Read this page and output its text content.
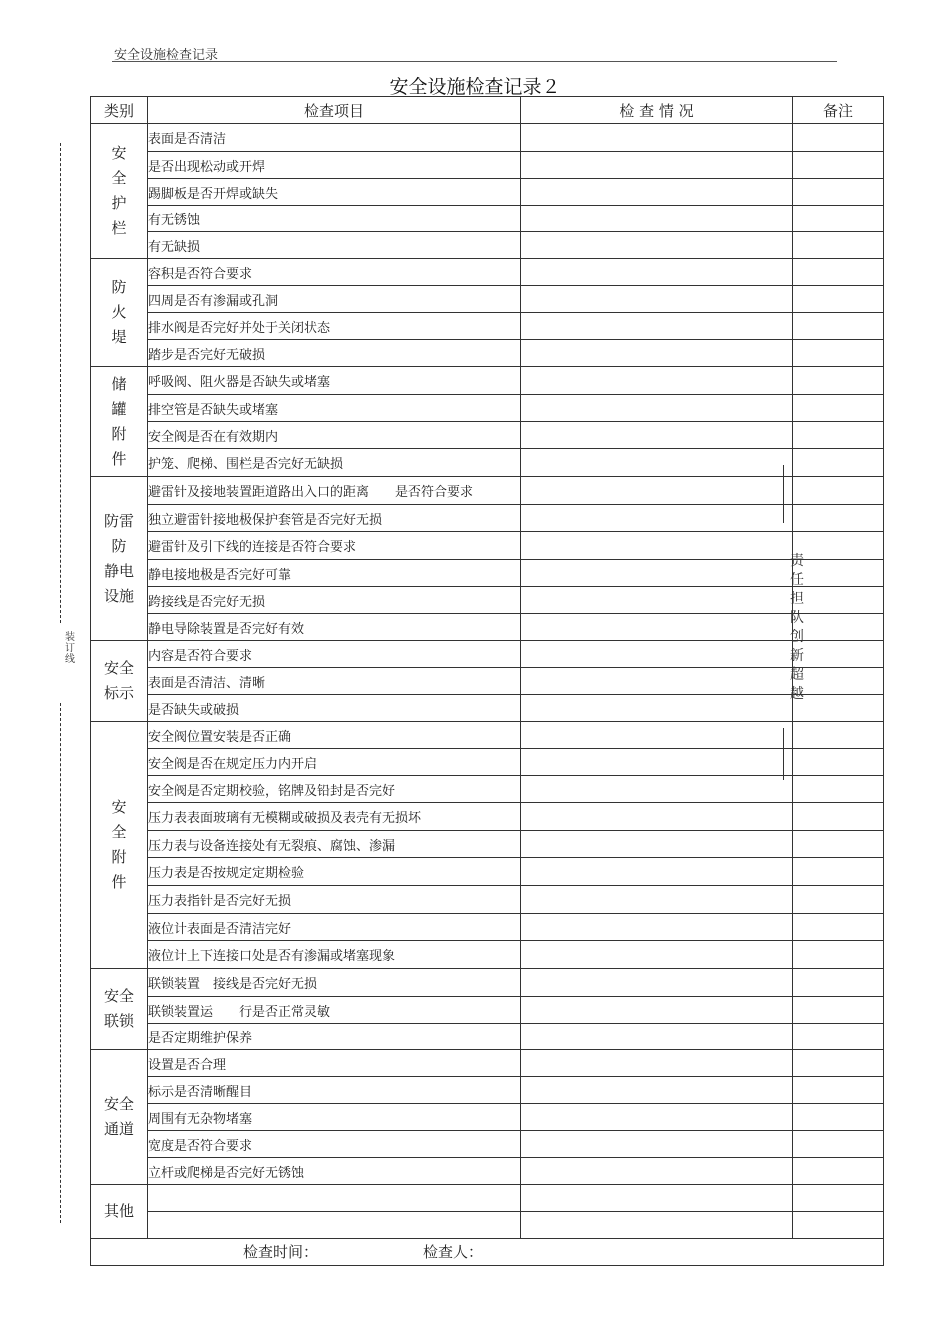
安全设施检查记录
安全设施检查记录２
装订线
类别	检查项目	检 查 情 况	备注
安
全
护
栏	表面是否清洁		
	是否出现松动或开焊		
	踢脚板是否开焊或缺失		
	有无锈蚀		
	有无缺损		
防
火
堤	容积是否符合要求		
	四周是否有渗漏或孔洞		
	排水阀是否完好并处于关闭状态		
	踏步是否完好无破损		
储
罐
附
件	呼吸阀、阻火器是否缺失或堵塞		
	排空管是否缺失或堵塞		
	安全阀是否在有效期内		
	护笼、爬梯、围栏是否完好无缺损		
防雷
防
静电
设施	避雷针及接地装置距道路出入口的距离　　是否符合要求		
	独立避雷针接地极保护套管是否完好无损		
	避雷针及引下线的连接是否符合要求		
	静电接地极是否完好可靠		
	跨接线是否完好无损		
	静电导除装置是否完好有效		
安全
标示	内容是否符合要求		
	表面是否清洁、清晰		
	是否缺失或破损		
安
全
附
件	安全阀位置安装是否正确		
	安全阀是否在规定压力内开启		
	安全阀是否定期校验，铭牌及铅封是否完好		
	压力表表面玻璃有无模糊或破损及表壳有无损坏		
	压力表与设备连接处有无裂痕、腐蚀、渗漏		
	压力表是否按规定定期检验		
	压力表指针是否完好无损		
	液位计表面是否清洁完好		
	液位计上下连接口处是否有渗漏或堵塞现象		
安全
联锁	联锁装置　接线是否完好无损		
	联锁装置运　　行是否正常灵敏		
	是否定期维护保养		
安全
通道	设置是否合理		
	标示是否清晰醒目		
	周围有无杂物堵塞		
	宽度是否符合要求		
	立杆或爬梯是否完好无锈蚀		
其他			

检查时间： 检查人：			
责
任
担
队
创
新
超
越
